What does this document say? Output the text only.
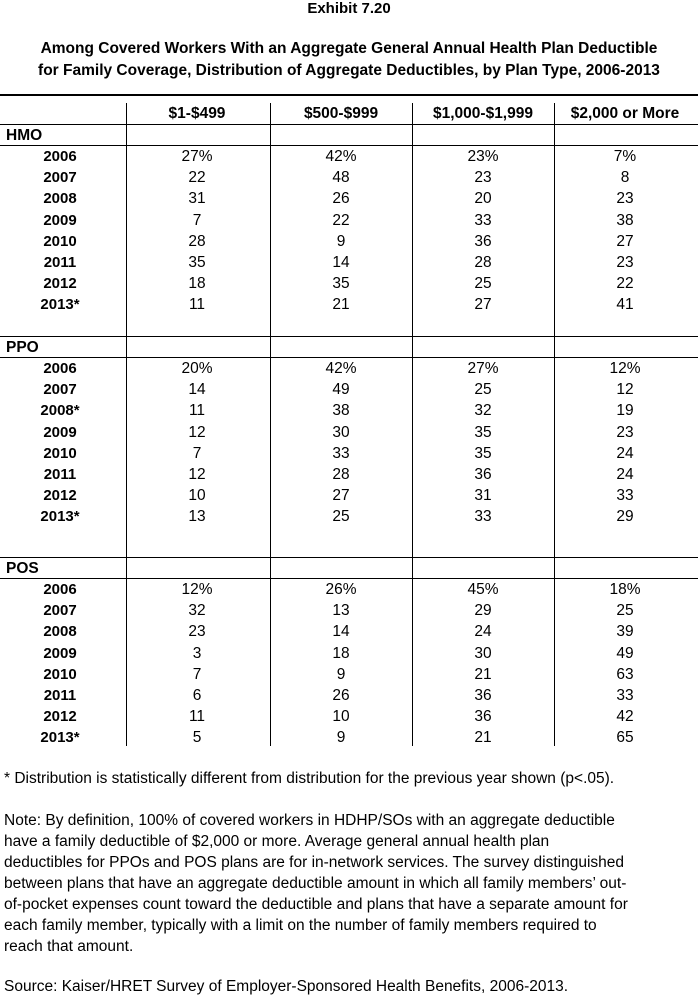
Exhibit 7.20
Among Covered Workers With an Aggregate General Annual Health Plan Deductible
for Family Coverage, Distribution of Aggregate Deductibles, by Plan Type, 2006-2013
$1-$499	$500-$999	$1,000-$1,999	$2,000 or More
HMO
2006	27%	42%	23%	7%
2007	22	48	23	8
2008	31	26	20	23
2009	7	22	33	38
2010	28	9	36	27
2011	35	14	28	23
2012	18	35	25	22
2013*	11	21	27	41
PPO
2006	20%	42%	27%	12%
2007	14	49	25	12
2008*	11	38	32	19
2009	12	30	35	23
2010	7	33	35	24
2011	12	28	36	24
2012	10	27	31	33
2013*	13	25	33	29
POS
2006	12%	26%	45%	18%
2007	32	13	29	25
2008	23	14	24	39
2009	3	18	30	49
2010	7	9	21	63
2011	6	26	36	33
2012	11	10	36	42
2013*	5	9	21	65
* Distribution is statistically different from distribution for the previous year shown (p<.05).
Note: By definition, 100% of covered workers in HDHP/SOs with an aggregate deductible
have a family deductible of $2,000 or more. Average general annual health plan
deductibles for PPOs and POS plans are for in-network services. The survey distinguished
between plans that have an aggregate deductible amount in which all family members’ out-
of-pocket expenses count toward the deductible and plans that have a separate amount for
each family member, typically with a limit on the number of family members required to
reach that amount.
Source: Kaiser/HRET Survey of Employer-Sponsored Health Benefits, 2006-2013.
